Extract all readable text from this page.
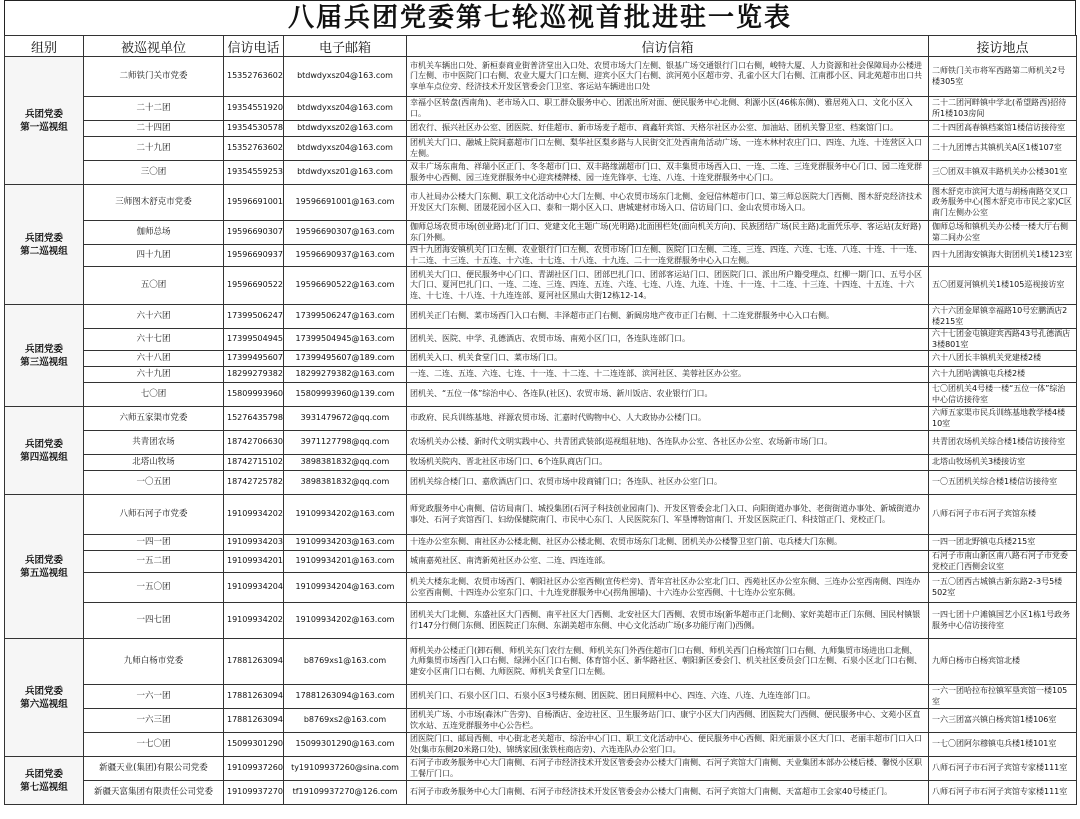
八届兵团党委第七轮巡视首批进驻一览表
组别	被巡视单位	信访电话	电子邮箱	信访信箱	接访地点
兵团党委
第一巡视组	二师铁门关市党委	15352763602	btdwdyxsz04@163.com	市机关车辆出口处、新桓泰商业街普济堂出入口处、农贸市场大门左侧、银基广场交通银行门口右侧，峻特大厦、人力资源和社会保障局办公楼进门左侧、市中医院门口右侧、农业大厦大门口左侧、迎宾小区大门右侧、滨河苑小区超市旁、孔雀小区大门右侧、江南郡小区、同北苑超市出口共享单车点位旁、经济技术开发区管委会门卫室、客运站车辆进出口处	二师铁门关市将军西路第二师机关2号楼305室
	二十二团	19354551920	btdwdyxsz04@163.com	幸福小区转盘(西南角)、老市场入口、职工群众服务中心、团派出所对面、便民服务中心北侧、利源小区(46栋东侧)、雅居苑入口、文化小区入口。	二十二团河畔镇中学北(希望路西)招待所1楼103房间
	二十四团	19354530578	btdwdyxsz02@163.com	团农行、振兴社区办公室、团医院、好佳超市、新市场麦子超市、商鑫轩宾馆、天格尔社区办公室、加油站、团机关警卫室、档案馆门口。	二十四团高春镇档案馆1楼信访接待室
	二十九团	15352763602	btdwdyxsz04@163.com	团机关大门口、融城上院间嘉超市门口左侧、梨华社区梨乡路与人民街交汇处西南角活动广场、一连木林村农庄门口、四连、九连、十连营区入口左侧。	二十九团博古其镇机关A区1楼107室
	三〇团	19354559253	btdwdyxsz01@163.com	双丰广场东南角、祥瑞小区正门、冬冬超市门口、双丰路缘湖超市门口、双丰集贸市场西入口、一连、二连、三连党群服务中心门口、园二连党群服务中心西侧、园三连党群服务中心迎宾楼牌楼、园一连先锋亭、七连、八连、十连党群服务中心门口。	三〇团双丰镇双丰路机关办公楼301室
兵团党委
第二巡视组	三师图木舒克市党委	19596691001	19596691001@163.com	市人社局办公楼大门东侧、职工文化活动中心大门左侧、中心农贸市场东门北侧、金冠信林超市门口、第三师总医院大门西侧、图木舒克经济技术开发区大门东侧、团晟花园小区入口、泰和一期小区入口、唐城建材市场入口、信访局门口、金山农贸市场入口。	图木舒克市滨河大道与胡杨南路交叉口政务服务中心(图木舒克市市民之家)C区南门左侧办公室
	伽师总场	19596690307	19596690307@163.com	伽师总场农贸市场(创业路)北门门口、党建文化主题广场(光明路)北面围栏处(面向机关方向)、民族团结广场(民主路)北面凭乐亭、客运站(友好路)东门外侧。	伽师总场和镇机关办公楼一楼大厅右侧第二间办公室
	四十九团	19596690937	19596690937@163.com	四十九团海安镇机关门口左侧、农业银行门口左侧、农贸市场门口左侧、医院门口左侧、二连、三连、四连、六连、七连、八连、十连、十一连、十二连、十三连、十五连、十六连、十七连、十八连、十九连、二十一连党群服务中心入口左侧。	四十九团海安镇海大街团机关1楼123室
	五〇团	19596690522	19596690522@163.com	团机关大门口、便民服务中心门口、青湖社区门口、团部巴扎门口、团部客运站门口、团医院门口、派出所户籍受理点、红柳一期门口、五号小区大门口、夏河巴扎门口、一连、二连、三连、四连、五连、六连、七连、八连、九连、十连、十一连、十二连、十三连、十四连、十五连、十六连、十七连、十八连、十九连连部、夏河社区黑山大街12栋12-14。	五〇团夏河镇机关1楼105巡视接访室
兵团党委
第三巡视组	六十六团	17399506247	17399506247@163.com	团机关正门右侧、菜市场西门入口右侧、丰泽超市正门右侧、新阔房地产夜市正门右侧、十二连党群服务中心入口右侧。	六十六团金犀镇幸福路10号宏鹏酒店2楼215室
	六十七团	17399504945	17399504945@163.com	团机关、医院、中学、孔德酒店、农贸市场、南苑小区门口，各连队连部门口。	六十七团金屯镇迎宾西路43号孔德酒店3楼801室
	六十八团	17399495607	17399495607@189.com	团机关入口、机关食堂门口、菜市场门口。	六十八团长丰镇机关党建楼2楼
	六十九团	18299279382	18299279382@163.com	一连、二连、五连、六连、七连、十一连、十二连、十二连连部、滨河社区、美蓉社区办公室。	六十九团哈满镇屯兵楼2楼
	七〇团	15809993960	15809993960@139.com	团机关、“五位一体”综治中心、各连队(社区)、农贸市场、新川饭店、农业银行门口。	七〇团机关4号楼一楼“五位一体”综治中心信访接待室
兵团党委
第四巡视组	六师五家渠市党委	15276435798	3931479672@qq.com	市政府、民兵训练基地、祥源农贸市场、汇嘉时代购物中心、人大政协办公楼门口。	六师五家渠市民兵训练基地教学楼4楼10室
	共青团农场	18742706630	3971127798@qq.com	农场机关办公楼、新时代文明实践中心、共青团武装部(巡视组驻地)、各连队办公室、各社区办公室、农场新市场门口。	共青团农场机关综合楼1楼信访接待室
	北塔山牧场	18742715102	3898381832@qq.com	牧场机关院内、晋北社区市场门口、6个连队商店门口。	北塔山牧场机关3楼接访室
	一〇五团	18742725782	3898381832@qq.com	团机关综合楼门口、嘉欣酒店门口、农贸市场中段商铺门口；各连队、社区办公室门口。	一〇五团机关综合楼1楼信访接待室
兵团党委
第五巡视组	八师石河子市党委	19109934202	19109934202@163.com	师党政服务中心南侧、信访局南门、城投集团(石河子科技创业园南门)、开发区管委会北门入口、向阳街道办事处、老街街道办事处、新城街道办事处、石河子宾馆西门、妇幼保健院南门、市民中心东门、人民医院东门、军垦博物馆南门、开发区医院正门、科技馆正门、党校正门。	八师石河子市石河子宾馆东楼
	一四一团	19109934203	19109934203@163.com	十连办公室东侧、南社区办公楼北侧、社区办公楼北侧、农贸市场东门北侧、团机关办公楼警卫室门前、屯兵楼大门东侧。	一四一团北野镇屯兵楼215室
	一五二团	19109934201	19109934201@163.com	城南嘉苑社区、南湾新苑社区办公室、二连、四连连部。	石河子市南山新区南八路石河子市党委党校正门西侧会议室
	一五〇团	19109934204	19109934204@163.com	机关大楼东北侧、农贸市场西门、朝阳社区办公室西侧(宣传栏旁)、青年宫社区办公室北门口、西苑社区办公室东侧、三连办公室西南侧、四连办公室西南侧、十四连办公室东门口、十九连党群服务中心(拐角围墙)、十六连办公室西侧、十七连办公室东侧。	一五〇团西古城镇古新东路2-3号5楼502室
	一四七团	19109934202	19109934202@163.com	团机关大门北侧、东盛社区大门西侧、南平社区大门西侧、北安社区大门西侧、农贸市场(新华超市正门北侧)、家好美超市正门东侧、国民村镇银行147分行侧门东侧、团医院正门东侧、东湖美超市东侧、中心文化活动广场(多功能厅南门)西侧。	一四七团十户滩镇国艺小区1栋1号政务服务中心信访接待室
兵团党委
第六巡视组	九师白杨市党委	17881263094	b8769xs1@163.com	师机关办公楼正门(卸石侧、师机关东门农行左侧、师机关东门外西住超市门口右侧、师机关西门白杨宾馆门口右侧、九师集贸市场进出口北侧、九师集贸市场西门入口右侧、绿洲小区门口右侧、体育馆小区、新华路社区、朝阳新区委会门、机关社区委员会门口左侧、石泉小区北门口右侧、建安小区南门口右侧、九师医院、师机关食堂门口左侧。	九师白杨市白杨宾馆北楼
	一六一团	17881263094	17881263094@163.com	团机关门口、石泉小区门口、石泉小区3号楼东侧、团医院、团日间照料中心、四连、六连、八连、九连连部门口。	一六一团哈拉布拉镇军垦宾馆一楼105室
	一六三团	17881263094	b8769xs2@163.com	团机关广场、小市场(森沐广告旁)、自杨酒店、金边社区、卫生服务站门口、康宁小区大门内西侧、团医院大门西侧、便民服务中心、文苑小区直饮水站、五连党群服务中心公告栏。	一六三团富兴镇白杨宾馆1楼106室
	一七〇团	15099301290	15099301290@163.com	团医院门口、邮局西侧、中心街北老关超市、综治中心门口、职工文化活动中心、便民服务中心西侧、阳光丽景小区大门口、老丽丰超市门口入口处(集市东侧20米路口处)、锦绣家园(张铁柱商店旁)、六连连队办公室门口。	一七〇团阿尔穆镇屯兵楼1楼101室
兵团党委
第七巡视组	新疆天业(集团)有限公司党委	19109937260	ty19109937260@sina.com	石河子市政务服务中心大门南侧、石河子市经济技术开发区管委会办公楼大门南侧、石河子宾馆大门南侧、天业集团本部办公楼后楼、馨悦小区职工餐厅门口。	八师石河子市石河子宾馆专家楼111室
	新疆天富集团有限责任公司党委	19109937270	tf19109937270@126.com	石河子市政务服务中心大门南侧、石河子市经济技术开发区管委会办公楼大门南侧、石河子宾馆大门南侧、天富超市工会家40号楼正门。	八师石河子市石河子宾馆专家楼111室
